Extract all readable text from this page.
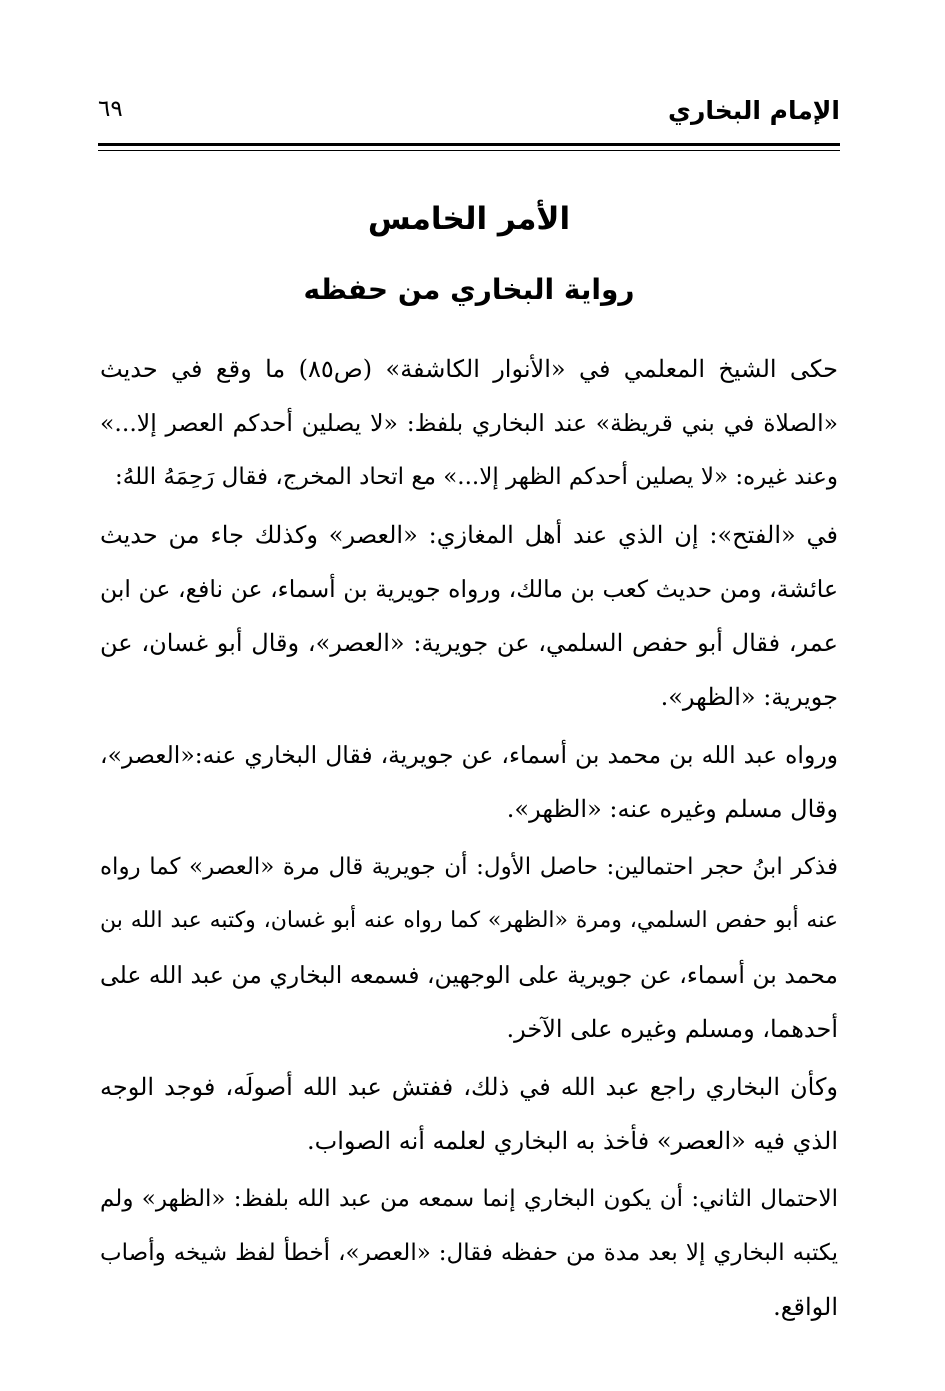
الإمام البخاري
٦٩
الأمر الخامس
رواية البخاري من حفظه
حكى الشيخ المعلمي في «الأنوار الكاشفة» (ص٨٥) ما وقع في حديث
«الصلاة في بني قريظة» عند البخاري بلفظ: «لا يصلين أحدكم العصر إلا...»
وعند غيره: «لا يصلين أحدكم الظهر إلا...» مع اتحاد المخرج، فقال رَحِمَهُ اللهُ:
في «الفتح»: إن الذي عند أهل المغازي: «العصر» وكذلك جاء من حديث
عائشة، ومن حديث كعب بن مالك، ورواه جويرية بن أسماء، عن نافع، عن ابن
عمر، فقال أبو حفص السلمي، عن جويرية: «العصر»، وقال أبو غسان، عن
جويرية: «الظهر».
ورواه عبد الله بن محمد بن أسماء، عن جويرية، فقال البخاري عنه:«العصر»،
وقال مسلم وغيره عنه: «الظهر».
فذكر ابنُ حجر احتمالين: حاصل الأول: أن جويرية قال مرة «العصر» كما رواه
عنه أبو حفص السلمي، ومرة «الظهر» كما رواه عنه أبو غسان، وكتبه عبد الله بن
محمد بن أسماء، عن جويرية على الوجهين، فسمعه البخاري من عبد الله على
أحدهما، ومسلم وغيره على الآخر.
وكأن البخاري راجع عبد الله في ذلك، ففتش عبد الله أصولَه، فوجد الوجه
الذي فيه «العصر» فأخذ به البخاري لعلمه أنه الصواب.
الاحتمال الثاني: أن يكون البخاري إنما سمعه من عبد الله بلفظ: «الظهر» ولم
يكتبه البخاري إلا بعد مدة من حفظه فقال: «العصر»، أخطأ لفظ شيخه وأصاب
الواقع.
